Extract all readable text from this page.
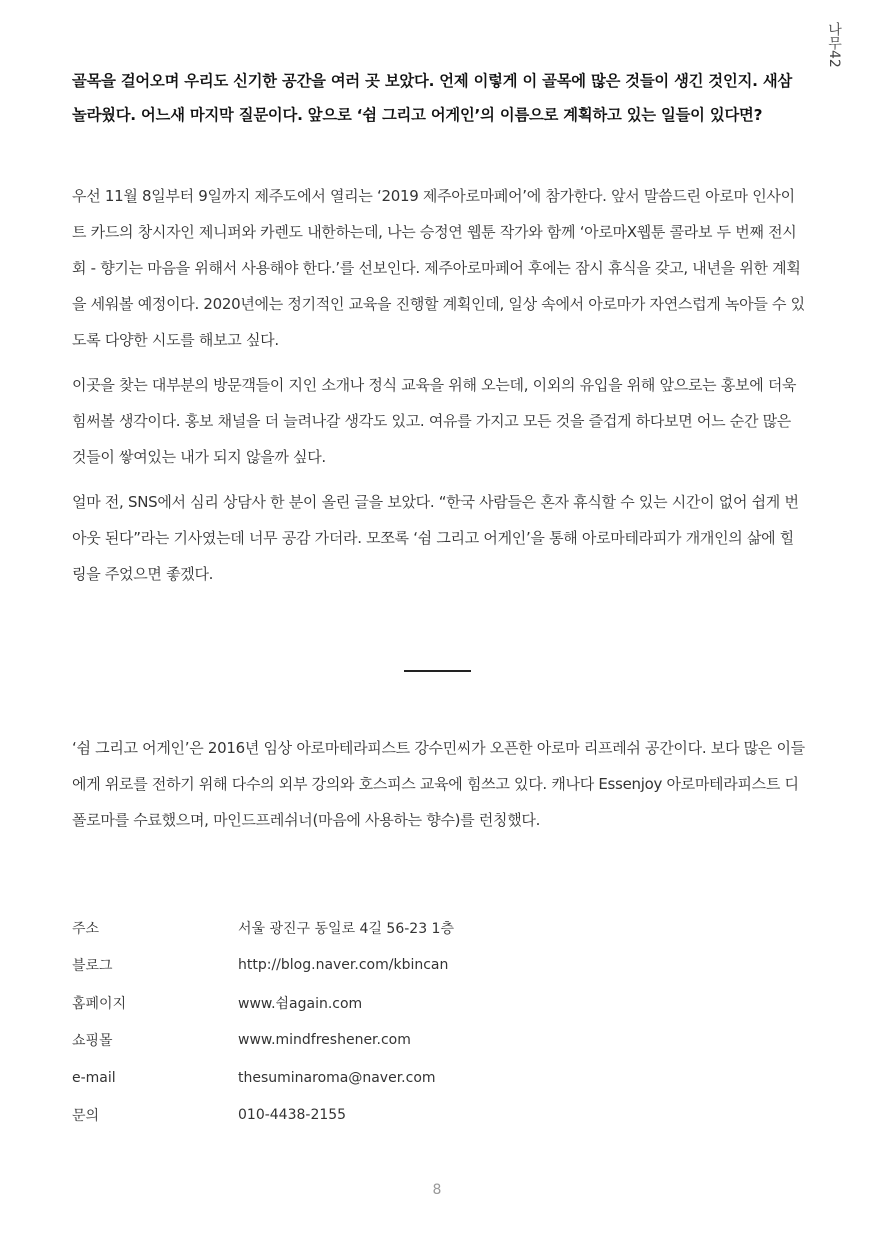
나무42
골목을 걸어오며 우리도 신기한 공간을 여러 곳 보았다. 언제 이렇게 이 골목에 많은 것들이 생긴 것인지. 새삼 놀라웠다. 어느새 마지막 질문이다. 앞으로 ‘쉼 그리고 어게인’의 이름으로 계획하고 있는 일들이 있다면?
우선 11월 8일부터 9일까지 제주도에서 열리는 ‘2019 제주아로마페어’에 참가한다. 앞서 말씀드린 아로마 인사이트 카드의 창시자인 제니퍼와 카렌도 내한하는데, 나는 승정연 웹툰 작가와 함께 ‘아로마X웹툰 콜라보 두 번째 전시회 - 향기는 마음을 위해서 사용해야 한다.’를 선보인다. 제주아로마페어 후에는 잠시 휴식을 갖고, 내년을 위한 계획을 세워볼 예정이다. 2020년에는 정기적인 교육을 진행할 계획인데, 일상 속에서 아로마가 자연스럽게 녹아들 수 있도록 다양한 시도를 해보고 싶다.
이곳을 찾는 대부분의 방문객들이 지인 소개나 정식 교육을 위해 오는데, 이외의 유입을 위해 앞으로는 홍보에 더욱 힘써볼 생각이다. 홍보 채널을 더 늘려나갈 생각도 있고. 여유를 가지고 모든 것을 즐겁게 하다보면 어느 순간 많은 것들이 쌓여있는 내가 되지 않을까 싶다.
얼마 전, SNS에서 심리 상담사 한 분이 올린 글을 보았다. “한국 사람들은 혼자 휴식할 수 있는 시간이 없어 쉽게 번 아웃 된다”라는 기사였는데 너무 공감 가더라. 모쪼록 ‘쉼 그리고 어게인’을 통해 아로마테라피가 개개인의 삶에 힐링을 주었으면 좋겠다.
‘쉼 그리고 어게인’은 2016년 임상 아로마테라피스트 강수민씨가 오픈한 아로마 리프레쉬 공간이다. 보다 많은 이들에게 위로를 전하기 위해 다수의 외부 강의와 호스피스 교육에 힘쓰고 있다. 캐나다 Essenjoy 아로마테라피스트 디폴로마를 수료했으며, 마인드프레쉬너(마음에 사용하는 향수)를 런칭했다.
주소	서울 광진구 동일로 4길 56-23 1층
블로그	http://blog.naver.com/kbincan
홈페이지	www.쉼again.com
쇼핑몰	www.mindfreshener.com
e-mail	thesuminaroma@naver.com
문의	010-4438-2155
8
